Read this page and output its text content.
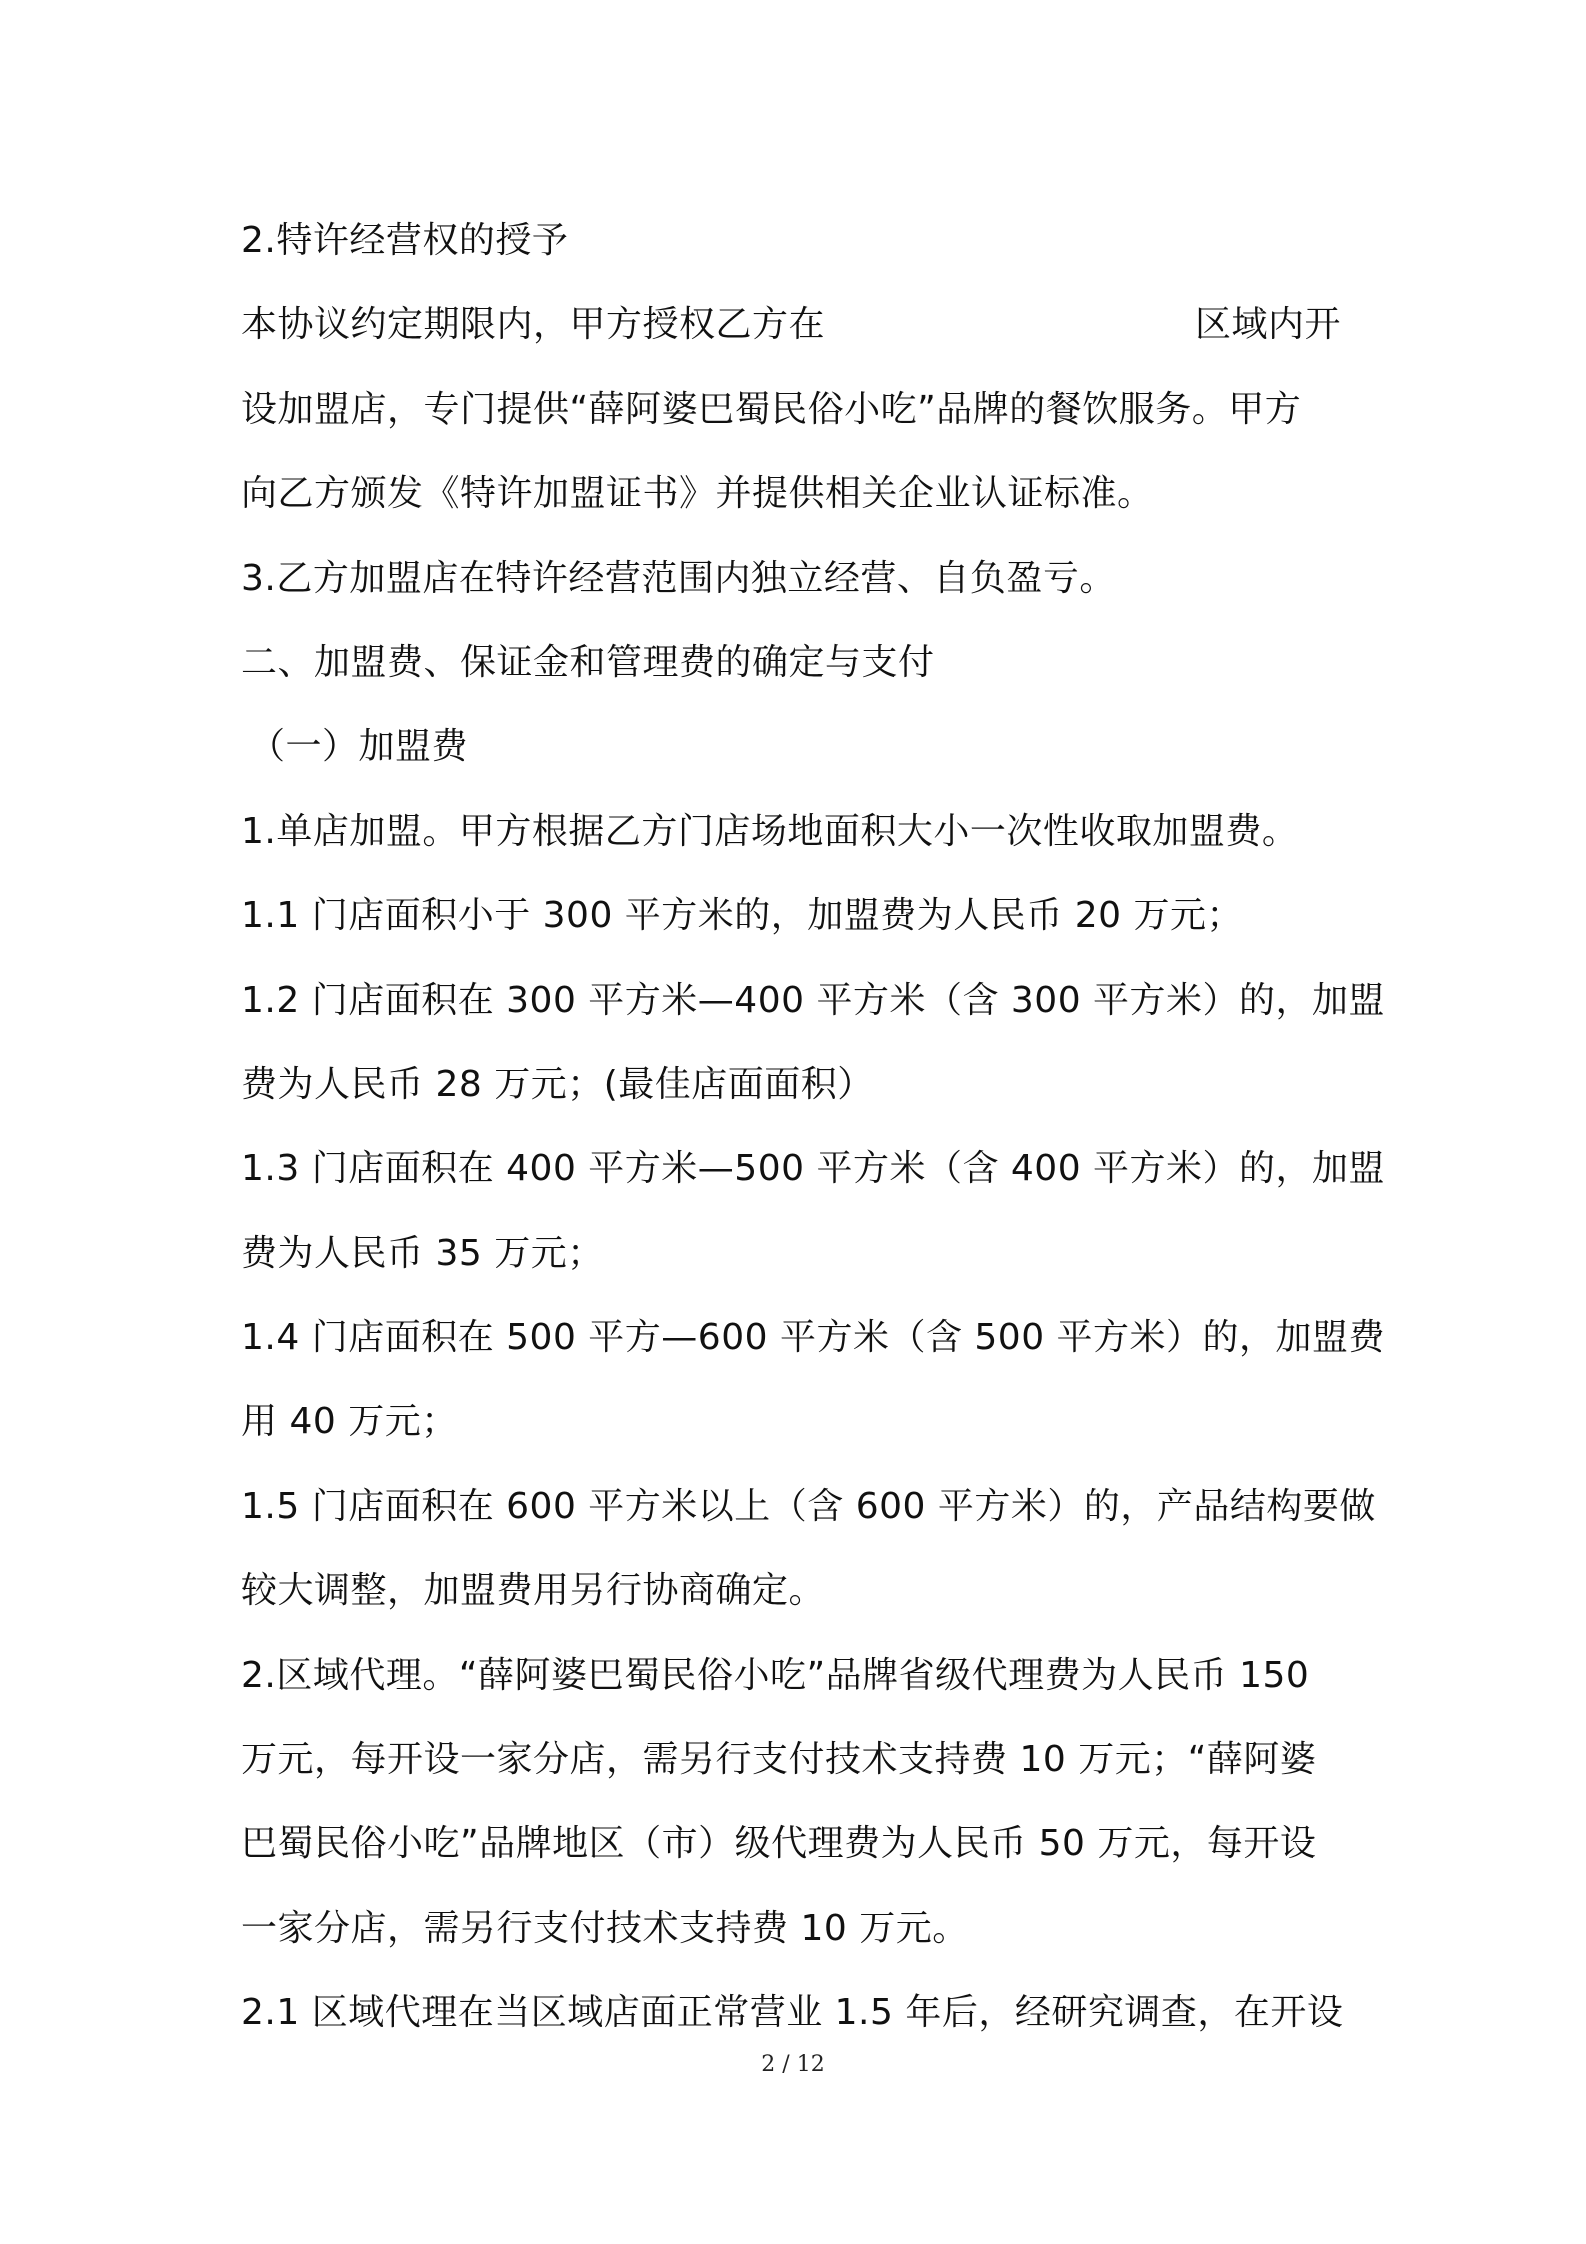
2.特许经营权的授予
本协议约定期限内，甲方授权乙方在	区域内开
设加盟店，专门提供“薛阿婆巴蜀民俗小吃”品牌的餐饮服务。甲方
向乙方颁发《特许加盟证书》并提供相关企业认证标准。
3.乙方加盟店在特许经营范围内独立经营、自负盈亏。
二、加盟费、保证金和管理费的确定与支付
（一）加盟费
1.单店加盟。甲方根据乙方门店场地面积大小一次性收取加盟费。
1.1 门店面积小于 300 平方米的，加盟费为人民币 20 万元；
1.2 门店面积在 300 平方米—400 平方米（含 300 平方米）的，加盟
费为人民币 28 万元；(最佳店面面积）
1.3 门店面积在 400 平方米—500 平方米（含 400 平方米）的，加盟
费为人民币 35 万元；
1.4 门店面积在 500 平方—600 平方米（含 500 平方米）的，加盟费
用 40 万元；
1.5 门店面积在 600 平方米以上（含 600 平方米）的，产品结构要做
较大调整，加盟费用另行协商确定。
2.区域代理。“薛阿婆巴蜀民俗小吃”品牌省级代理费为人民币 150
万元，每开设一家分店，需另行支付技术支持费 10 万元；“薛阿婆
巴蜀民俗小吃”品牌地区（市）级代理费为人民币 50 万元，每开设
一家分店，需另行支付技术支持费 10 万元。
2.1 区域代理在当区域店面正常营业 1.5 年后，经研究调查，在开设
2 / 12
